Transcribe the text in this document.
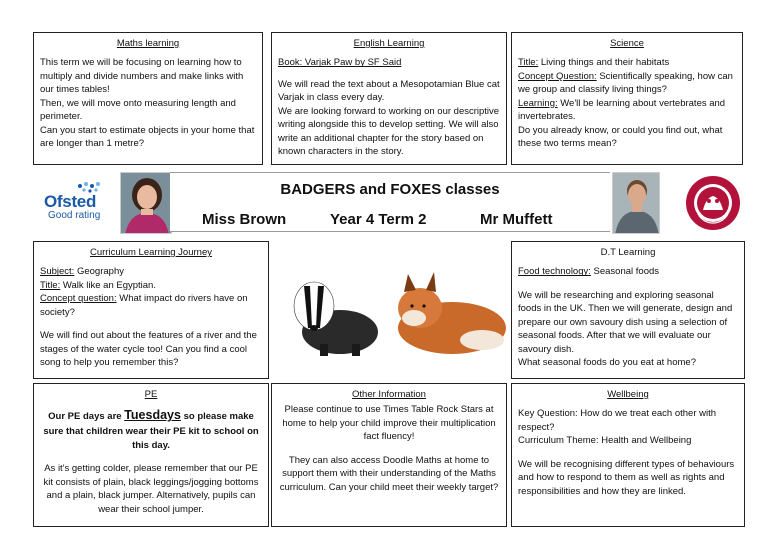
Maths learning

This term we will be focusing on learning how to multiply and divide numbers and make links with our times tables!

Then, we will move onto measuring length and perimeter.

Can you start to estimate objects in your home that are longer than 1 metre?

English Learning

Book: Varjak Paw by SF Said

We will read the text about a Mesopotamian Blue cat Varjak in class every day.

We are looking forward to working on our descriptive writing alongside this to develop setting. We will also write an additional chapter for the story based on known characters in the story.

Science

Title: Living things and their habitats

Concept Question: Scientifically speaking, how can we group and classify living things?

Learning: We'll be learning about vertebrates and invertebrates.

Do you already know, or could you find out, what these two terms mean?

Ofsted
Good rating
BADGERS and FOXES classes
Miss Brown	Year 4 Term 2	Mr Muffett
Curriculum Learning Journey

Subject: Geography

Title: Walk like an Egyptian.

Concept question: What impact do rivers have on society?

We will find out about the features of a river and the stages of the water cycle too! Can you find a cool song to help you remember this?

D.T Learning

Food technology: Seasonal foods

We will be researching and exploring seasonal foods in the UK. Then we will generate, design and prepare our own savoury dish using a selection of seasonal foods. After that we will evaluate our savoury dish.

What seasonal foods do you eat at home?

PE

Our PE days are Tuesdays so please make sure that children wear their PE kit to school on this day.

As it's getting colder, please remember that our PE kit consists of plain, black leggings/jogging bottoms and a plain, black jumper. Alternatively, pupils can wear their school jumper.

Other Information

Please continue to use Times Table Rock Stars at home to help your child improve their multiplication fact fluency!

They can also access Doodle Maths at home to support them with their understanding of the Maths curriculum. Can your child meet their weekly target?

Wellbeing

Key Question: How do we treat each other with respect?

Curriculum Theme: Health and Wellbeing

We will be recognising different types of behaviours and how to respond to them as well as rights and responsibilities and how they are linked.
